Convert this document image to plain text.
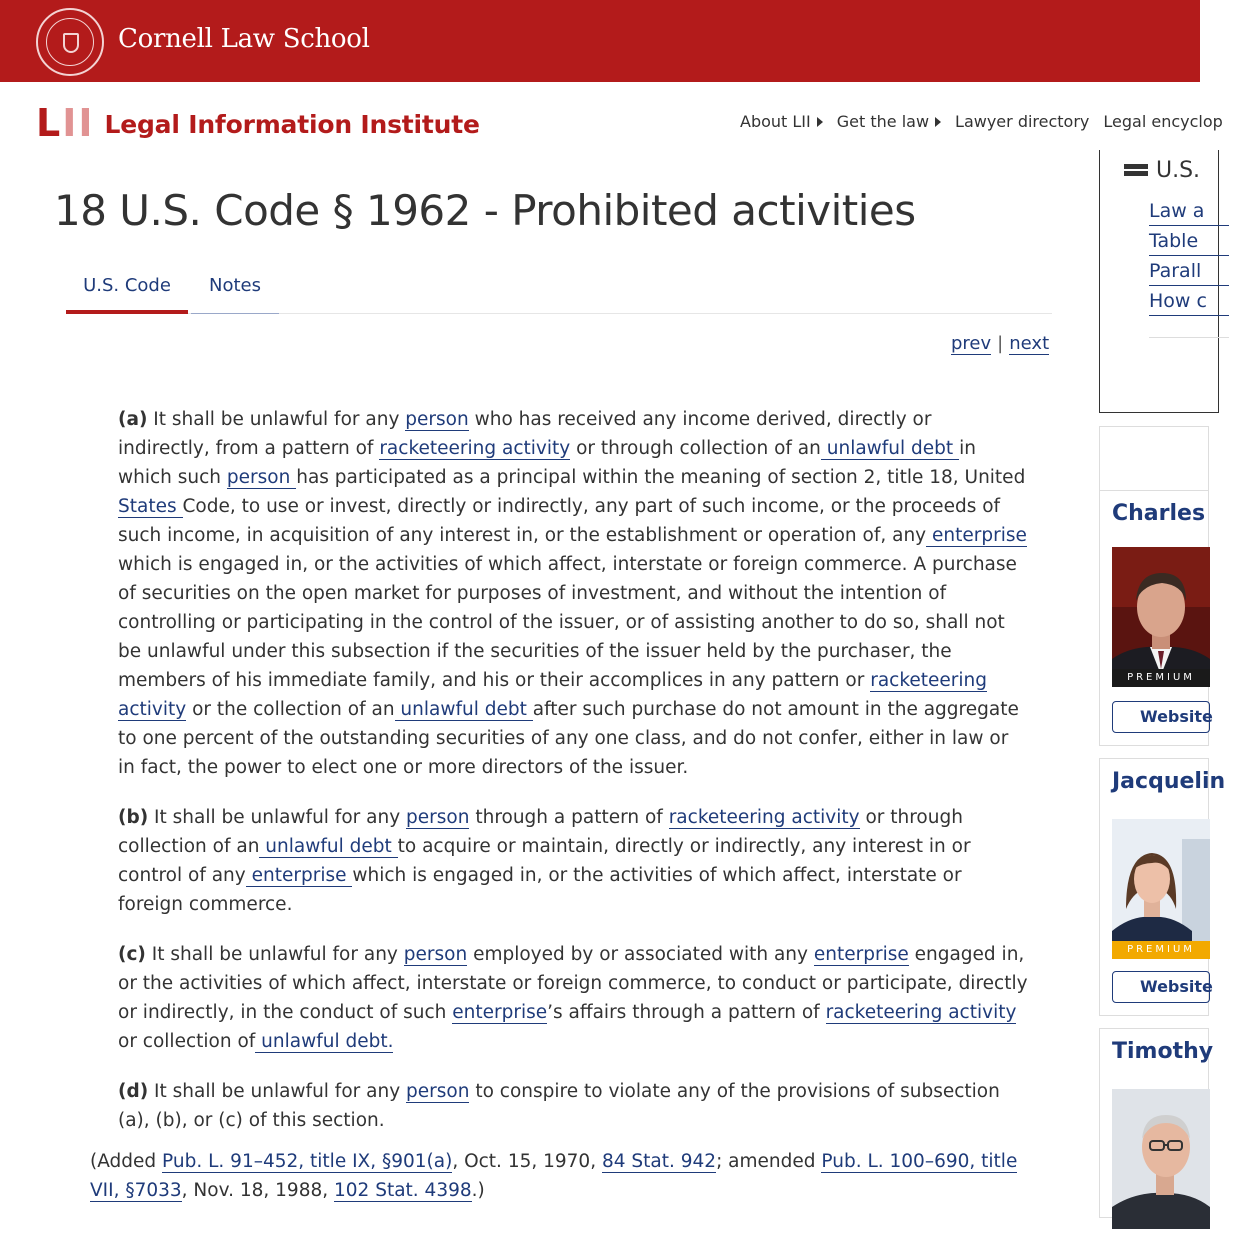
Cornell Law School
L I I Legal Information Institute	About LII Get the law Lawyer directory Legal encyclop
18 U.S. Code § 1962 - Prohibited activities
U.S. Code	Notes
prev | next

(a) It shall be unlawful for any person who has received any income derived, directly or indirectly, from a pattern of racketeering activity or through collection of an unlawful debt in which such person has participated as a principal within the meaning of section 2, title 18, United States Code, to use or invest, directly or indirectly, any part of such income, or the proceeds of such income, in acquisition of any interest in, or the establishment or operation of, any enterprise which is engaged in, or the activities of which affect, interstate or foreign commerce. A purchase of securities on the open market for purposes of investment, and without the intention of controlling or participating in the control of the issuer, or of assisting another to do so, shall not be unlawful under this subsection if the securities of the issuer held by the purchaser, the members of his immediate family, and his or their accomplices in any pattern or racketeering activity or the collection of an unlawful debt after such purchase do not amount in the aggregate to one percent of the outstanding securities of any one class, and do not confer, either in law or in fact, the power to elect one or more directors of the issuer.

(b) It shall be unlawful for any person through a pattern of racketeering activity or through collection of an unlawful debt to acquire or maintain, directly or indirectly, any interest in or control of any enterprise which is engaged in, or the activities of which affect, interstate or foreign commerce.

(c) It shall be unlawful for any person employed by or associated with any enterprise engaged in, or the activities of which affect, interstate or foreign commerce, to conduct or participate, directly or indirectly, in the conduct of such enterprise’s affairs through a pattern of racketeering activity or collection of unlawful debt.

(d) It shall be unlawful for any person to conspire to violate any of the provisions of subsection (a), (b), or (c) of this section.

(Added Pub. L. 91–452, title IX, §901(a), Oct. 15, 1970, 84 Stat. 942; amended Pub. L. 100–690, title VII, §7033, Nov. 18, 1988, 102 Stat. 4398.)

U.S.
Law a
Table
Parall
How c
Charles
PREMIUM
Website
Jacquelin
PREMIUM
Website
Timothy
